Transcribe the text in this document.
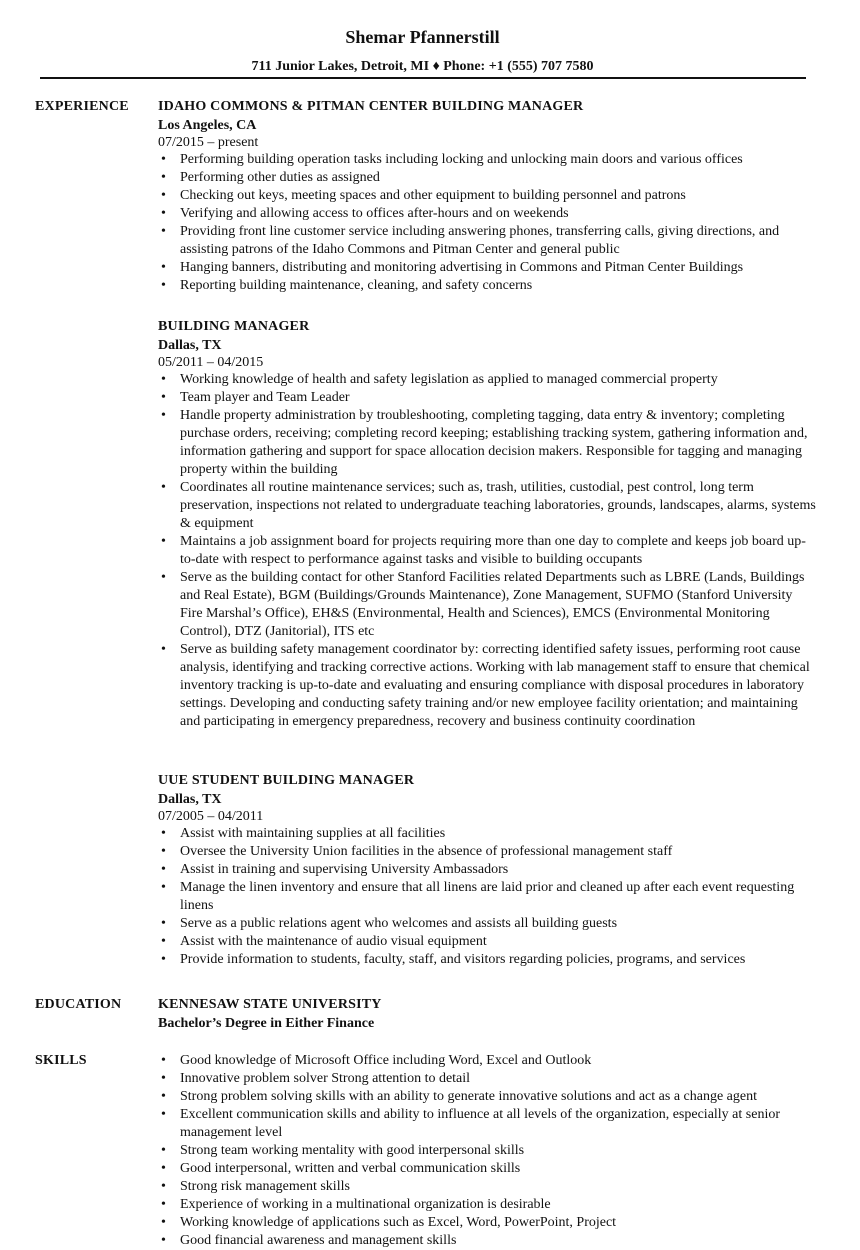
Shemar Pfannerstill
711 Junior Lakes, Detroit, MI ♦ Phone: +1 (555) 707 7580
EXPERIENCE IDAHO COMMONS & PITMAN CENTER BUILDING MANAGER
Los Angeles, CA
07/2015 – present
• Performing building operation tasks including locking and unlocking main doors and various offices
• Performing other duties as assigned
• Checking out keys, meeting spaces and other equipment to building personnel and patrons
• Verifying and allowing access to offices after-hours and on weekends
• Providing front line customer service including answering phones, transferring calls, giving directions, and assisting patrons of the Idaho Commons and Pitman Center and general public
• Hanging banners, distributing and monitoring advertising in Commons and Pitman Center Buildings
• Reporting building maintenance, cleaning, and safety concerns
BUILDING MANAGER
Dallas, TX
05/2011 – 04/2015
• Working knowledge of health and safety legislation as applied to managed commercial property
• Team player and Team Leader
• Handle property administration by troubleshooting, completing tagging, data entry & inventory; completing purchase orders, receiving; completing record keeping; establishing tracking system, gathering information and, information gathering and support for space allocation decision makers. Responsible for tagging and managing property within the building
• Coordinates all routine maintenance services; such as, trash, utilities, custodial, pest control, long term preservation, inspections not related to undergraduate teaching laboratories, grounds, landscapes, alarms, systems & equipment
• Maintains a job assignment board for projects requiring more than one day to complete and keeps job board up-to-date with respect to performance against tasks and visible to building occupants
• Serve as the building contact for other Stanford Facilities related Departments such as LBRE (Lands, Buildings and Real Estate), BGM (Buildings/Grounds Maintenance), Zone Management, SUFMO (Stanford University Fire Marshal’s Office), EH&S (Environmental, Health and Sciences), EMCS (Environmental Monitoring Control), DTZ (Janitorial), ITS etc
• Serve as building safety management coordinator by: correcting identified safety issues, performing root cause analysis, identifying and tracking corrective actions. Working with lab management staff to ensure that chemical inventory tracking is up-to-date and evaluating and ensuring compliance with disposal procedures in laboratory settings. Developing and conducting safety training and/or new employee facility orientation; and maintaining and participating in emergency preparedness, recovery and business continuity coordination
UUE STUDENT BUILDING MANAGER
Dallas, TX
07/2005 – 04/2011
• Assist with maintaining supplies at all facilities
• Oversee the University Union facilities in the absence of professional management staff
• Assist in training and supervising University Ambassadors
• Manage the linen inventory and ensure that all linens are laid prior and cleaned up after each event requesting linens
• Serve as a public relations agent who welcomes and assists all building guests
• Assist with the maintenance of audio visual equipment
• Provide information to students, faculty, staff, and visitors regarding policies, programs, and services
EDUCATION	KENNESAW STATE UNIVERSITY
Bachelor’s Degree in Either Finance
SKILLS	• Good knowledge of Microsoft Office including Word, Excel and Outlook
• Innovative problem solver Strong attention to detail
• Strong problem solving skills with an ability to generate innovative solutions and act as a change agent
• Excellent communication skills and ability to influence at all levels of the organization, especially at senior management level
• Strong team working mentality with good interpersonal skills
• Good interpersonal, written and verbal communication skills
• Strong risk management skills
• Experience of working in a multinational organization is desirable
• Working knowledge of applications such as Excel, Word, PowerPoint, Project
• Good financial awareness and management skills
